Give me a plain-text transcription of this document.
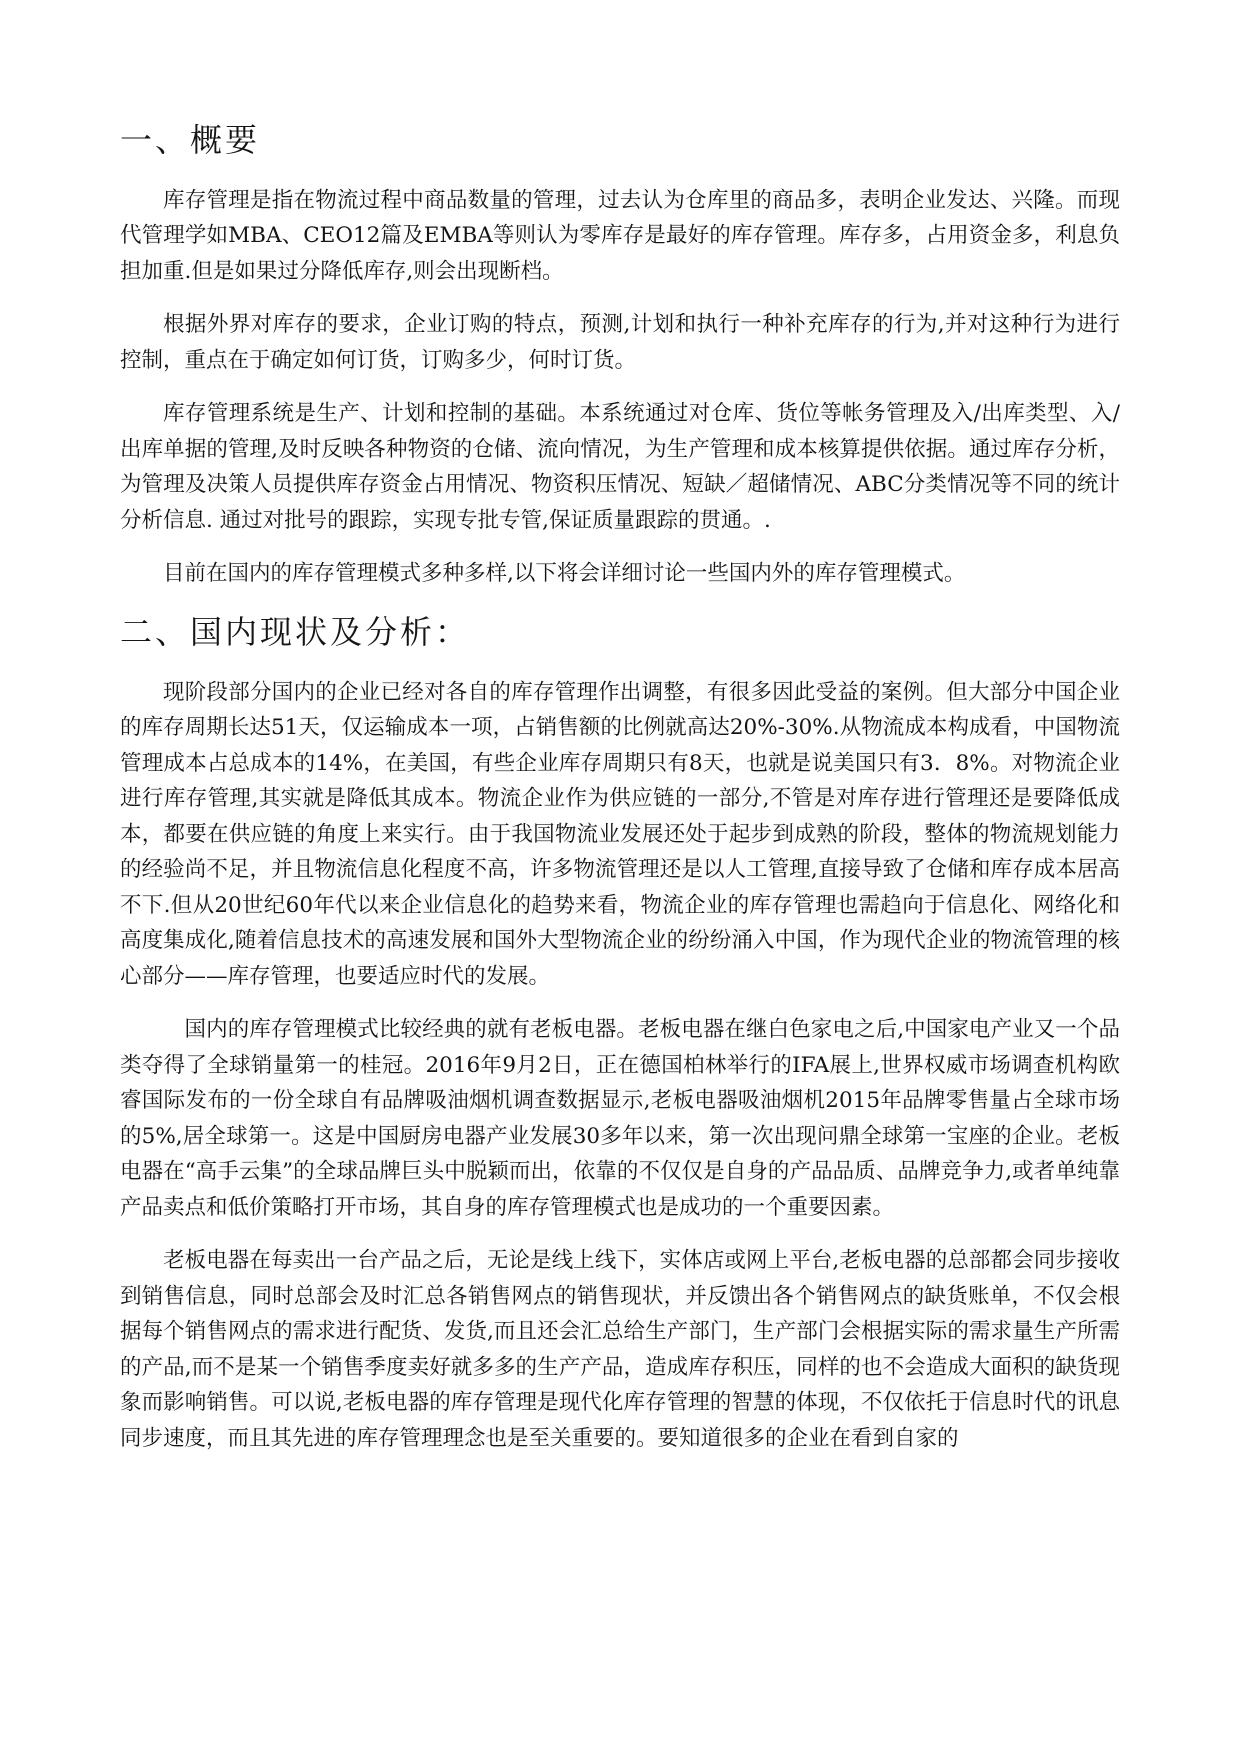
一、概要

库存管理是指在物流过程中商品数量的管理，过去认为仓库里的商品多，表明企业发达、兴隆。而现代管理学如MBA、CEO12篇及EMBA等则认为零库存是最好的库存管理。库存多，占用资金多，利息负担加重.但是如果过分降低库存,则会出现断档。

根据外界对库存的要求，企业订购的特点，预测,计划和执行一种补充库存的行为,并对这种行为进行控制，重点在于确定如何订货，订购多少，何时订货。

库存管理系统是生产、计划和控制的基础。本系统通过对仓库、货位等帐务管理及入/出库类型、入/出库单据的管理,及时反映各种物资的仓储、流向情况，为生产管理和成本核算提供依据。通过库存分析，为管理及决策人员提供库存资金占用情况、物资积压情况、短缺／超储情况、ABC分类情况等不同的统计分析信息. 通过对批号的跟踪，实现专批专管,保证质量跟踪的贯通。.

目前在国内的库存管理模式多种多样,以下将会详细讨论一些国内外的库存管理模式。

二、国内现状及分析：

现阶段部分国内的企业已经对各自的库存管理作出调整，有很多因此受益的案例。但大部分中国企业的库存周期长达51天，仅运输成本一项，占销售额的比例就高达20%-30%.从物流成本构成看，中国物流管理成本占总成本的14%，在美国，有些企业库存周期只有8天，也就是说美国只有3．8%。对物流企业进行库存管理,其实就是降低其成本。物流企业作为供应链的一部分,不管是对库存进行管理还是要降低成本，都要在供应链的角度上来实行。由于我国物流业发展还处于起步到成熟的阶段，整体的物流规划能力的经验尚不足，并且物流信息化程度不高，许多物流管理还是以人工管理,直接导致了仓储和库存成本居高不下.但从20世纪60年代以来企业信息化的趋势来看，物流企业的库存管理也需趋向于信息化、网络化和高度集成化,随着信息技术的高速发展和国外大型物流企业的纷纷涌入中国，作为现代企业的物流管理的核心部分——库存管理，也要适应时代的发展。

国内的库存管理模式比较经典的就有老板电器。老板电器在继白色家电之后,中国家电产业又一个品类夺得了全球销量第一的桂冠。2016年9月2日，正在德国柏林举行的IFA展上,世界权威市场调查机构欧睿国际发布的一份全球自有品牌吸油烟机调查数据显示,老板电器吸油烟机2015年品牌零售量占全球市场的5%,居全球第一。这是中国厨房电器产业发展30多年以来，第一次出现问鼎全球第一宝座的企业。老板电器在“高手云集”的全球品牌巨头中脱颖而出，依靠的不仅仅是自身的产品品质、品牌竞争力,或者单纯靠产品卖点和低价策略打开市场，其自身的库存管理模式也是成功的一个重要因素。

老板电器在每卖出一台产品之后，无论是线上线下，实体店或网上平台,老板电器的总部都会同步接收到销售信息，同时总部会及时汇总各销售网点的销售现状，并反馈出各个销售网点的缺货账单，不仅会根据每个销售网点的需求进行配货、发货,而且还会汇总给生产部门，生产部门会根据实际的需求量生产所需的产品,而不是某一个销售季度卖好就多多的生产产品，造成库存积压，同样的也不会造成大面积的缺货现象而影响销售。可以说,老板电器的库存管理是现代化库存管理的智慧的体现，不仅依托于信息时代的讯息同步速度，而且其先进的库存管理理念也是至关重要的。要知道很多的企业在看到自家的
